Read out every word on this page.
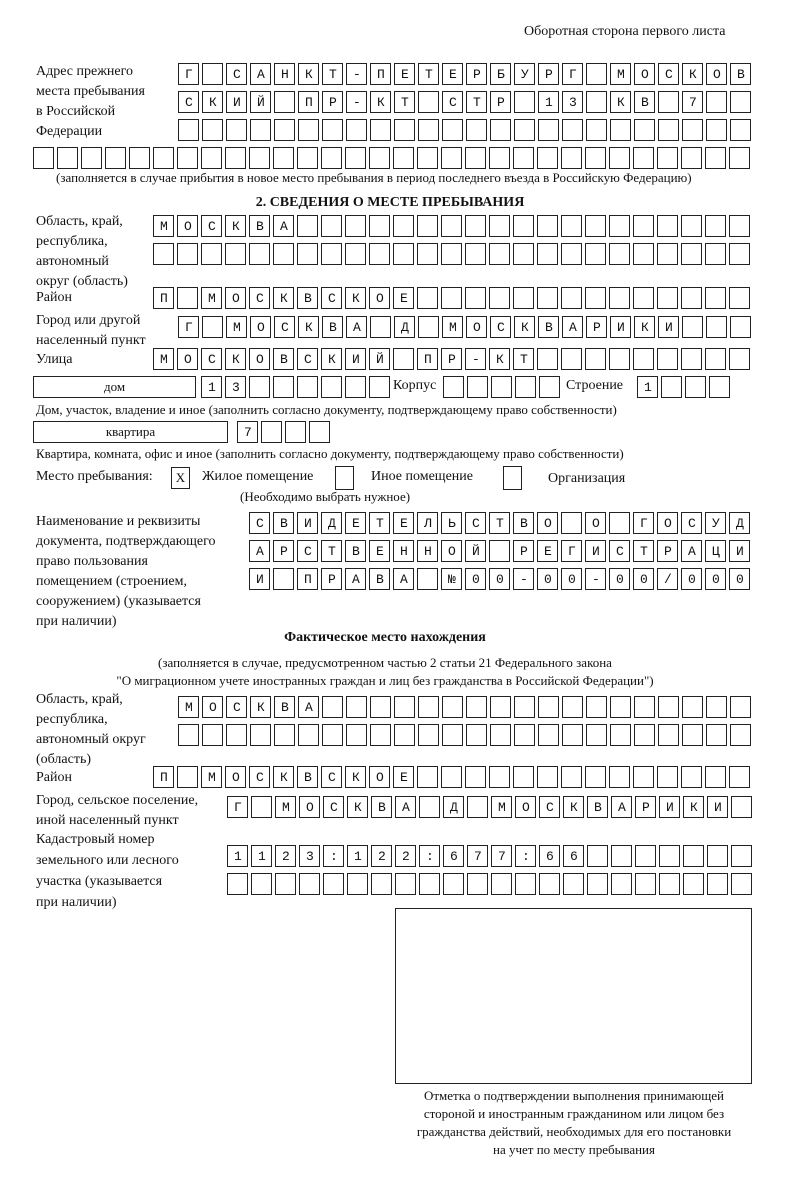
Оборотная сторона первого листа
Адрес прежнего
места пребывания
в Российской
Федерации
Г САНКТ-ПЕТЕРБУРГ МОСКОВ
СКИЙ ПР-КТ СТР 13 КВ 7

(заполняется в случае прибытия в новое место пребывания в период последнего въезда в Российскую Федерацию)
2. СВЕДЕНИЯ О МЕСТЕ ПРЕБЫВАНИЯ
Область, край,
республика,
автономный
округ (область)
МОСКВА

Район	П МОСКВСКОЕ
Город или другой
населенный пункт
Г МОСКВА Д МОСКВАРИКИ
Улица	МОСКОВСКИЙ ПР-КТ
дом	13
Корпус
	Строение 1
Дом, участок, владение и иное (заполнить согласно документу, подтверждающему право собственности)
квартира	7
Квартира, комната, офис и иное (заполнить согласно документу, подтверждающему право собственности)
Место пребывания:	X	Жилое помещение	Иное помещение	Организация
(Необходимо выбрать нужное)
Наименование и реквизиты
документа, подтверждающего
право пользования
помещением (строением,
сооружением) (указывается
при наличии)
СВИДЕТЕЛЬСТВО О ГОСУД
АРСТВЕННОЙ РЕГИСТРАЦИ
И ПРАВА №00-00-00/000
Фактическое место нахождения
(заполняется в случае, предусмотренном частью 2 статьи 21 Федерального закона
"О миграционном учете иностранных граждан и лиц без гражданства в Российской Федерации")
Область, край,
республика,
автономный округ
(область)
МОСКВА

Район	П МОСКВСКОЕ
Город, сельское поселение,
иной населенный пункт
Г МОСКВА Д МОСКВАРИКИ
Кадастровый номер
земельного или лесного
участка (указывается
при наличии)
1123:122:677:66

Отметка о подтверждении выполнения принимающей
стороной и иностранным гражданином или лицом без
гражданства действий, необходимых для его постановки
на учет по месту пребывания
